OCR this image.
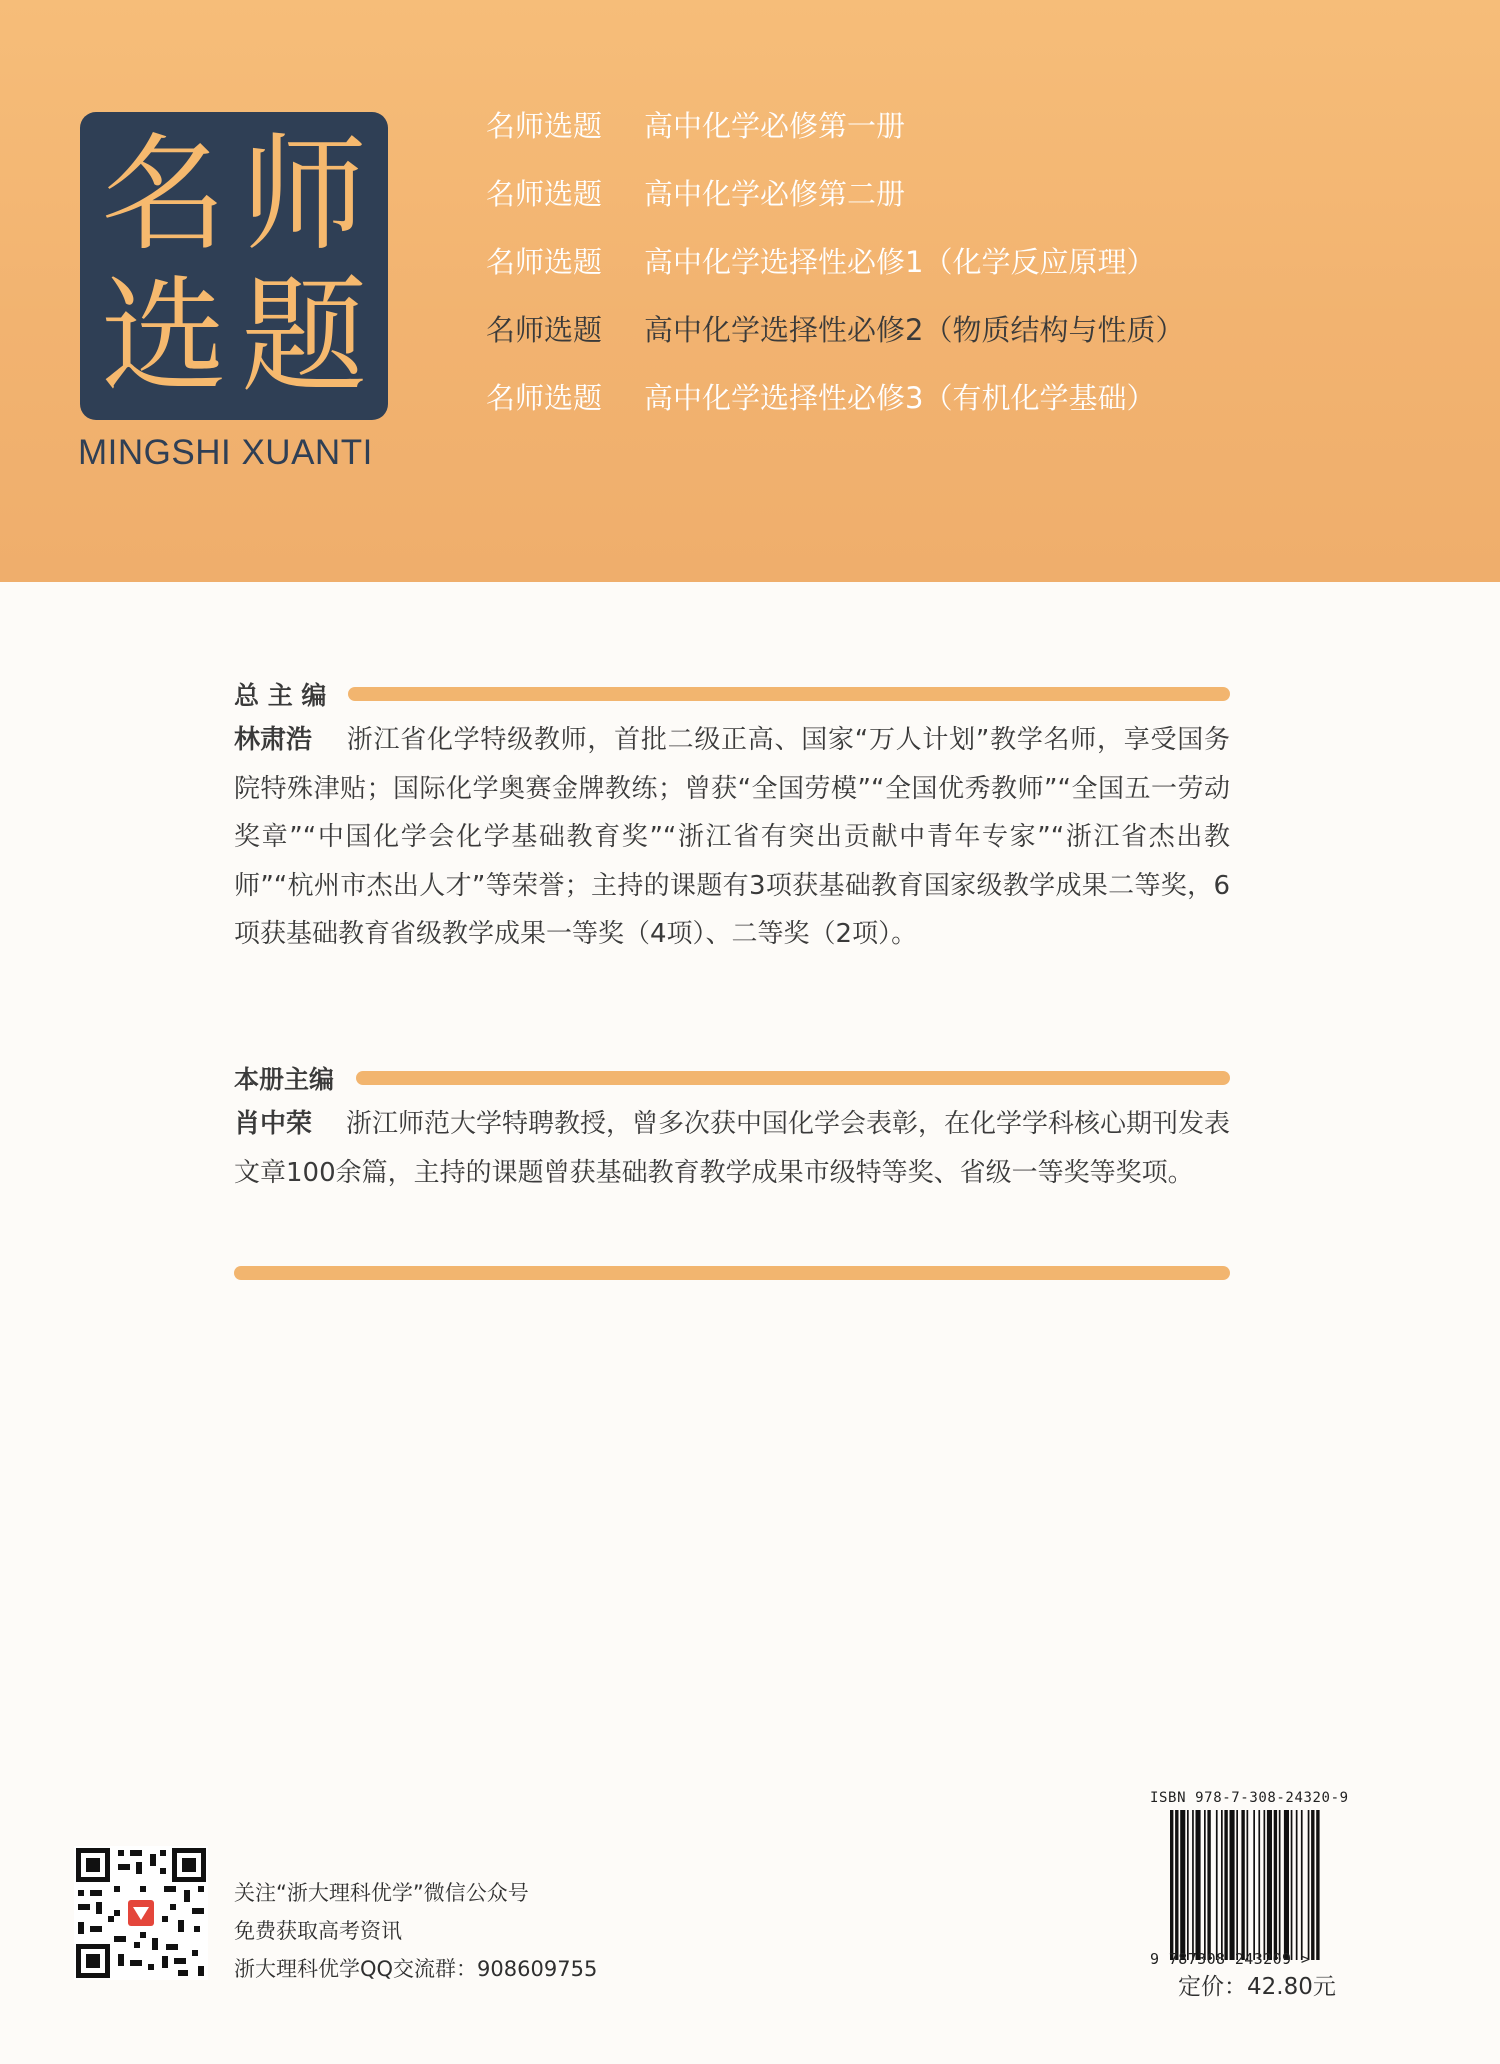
名 师
选 题
MINGSHI XUANTI
名师选题 高中化学必修第一册
名师选题 高中化学必修第二册
名师选题 高中化学选择性必修1（化学反应原理）
名师选题 高中化学选择性必修2（物质结构与性质）
名师选题 高中化学选择性必修3（有机化学基础）
总 主 编

林肃浩 浙江省化学特级教师，首批二级正高、国家“万人计划”教学名师，享受国务院特殊津贴；国际化学奥赛金牌教练；曾获“全国劳模”“全国优秀教师”“全国五一劳动奖章”“中国化学会化学基础教育奖”“浙江省有突出贡献中青年专家”“浙江省杰出教师”“杭州市杰出人才”等荣誉；主持的课题有3项获基础教育国家级教学成果二等奖，6项获基础教育省级教学成果一等奖（4项）、二等奖（2项）。

本册主编

肖中荣 浙江师范大学特聘教授，曾多次获中国化学会表彰，在化学学科核心期刊发表文章100余篇，主持的课题曾获基础教育教学成果市级特等奖、省级一等奖等奖项。

关注“浙大理科优学”微信公众号
免费获取高考资讯
浙大理科优学QQ交流群：908609755
ISBN 978-7-308-24320-9
9 787308 243209 >
定价：42.80元
